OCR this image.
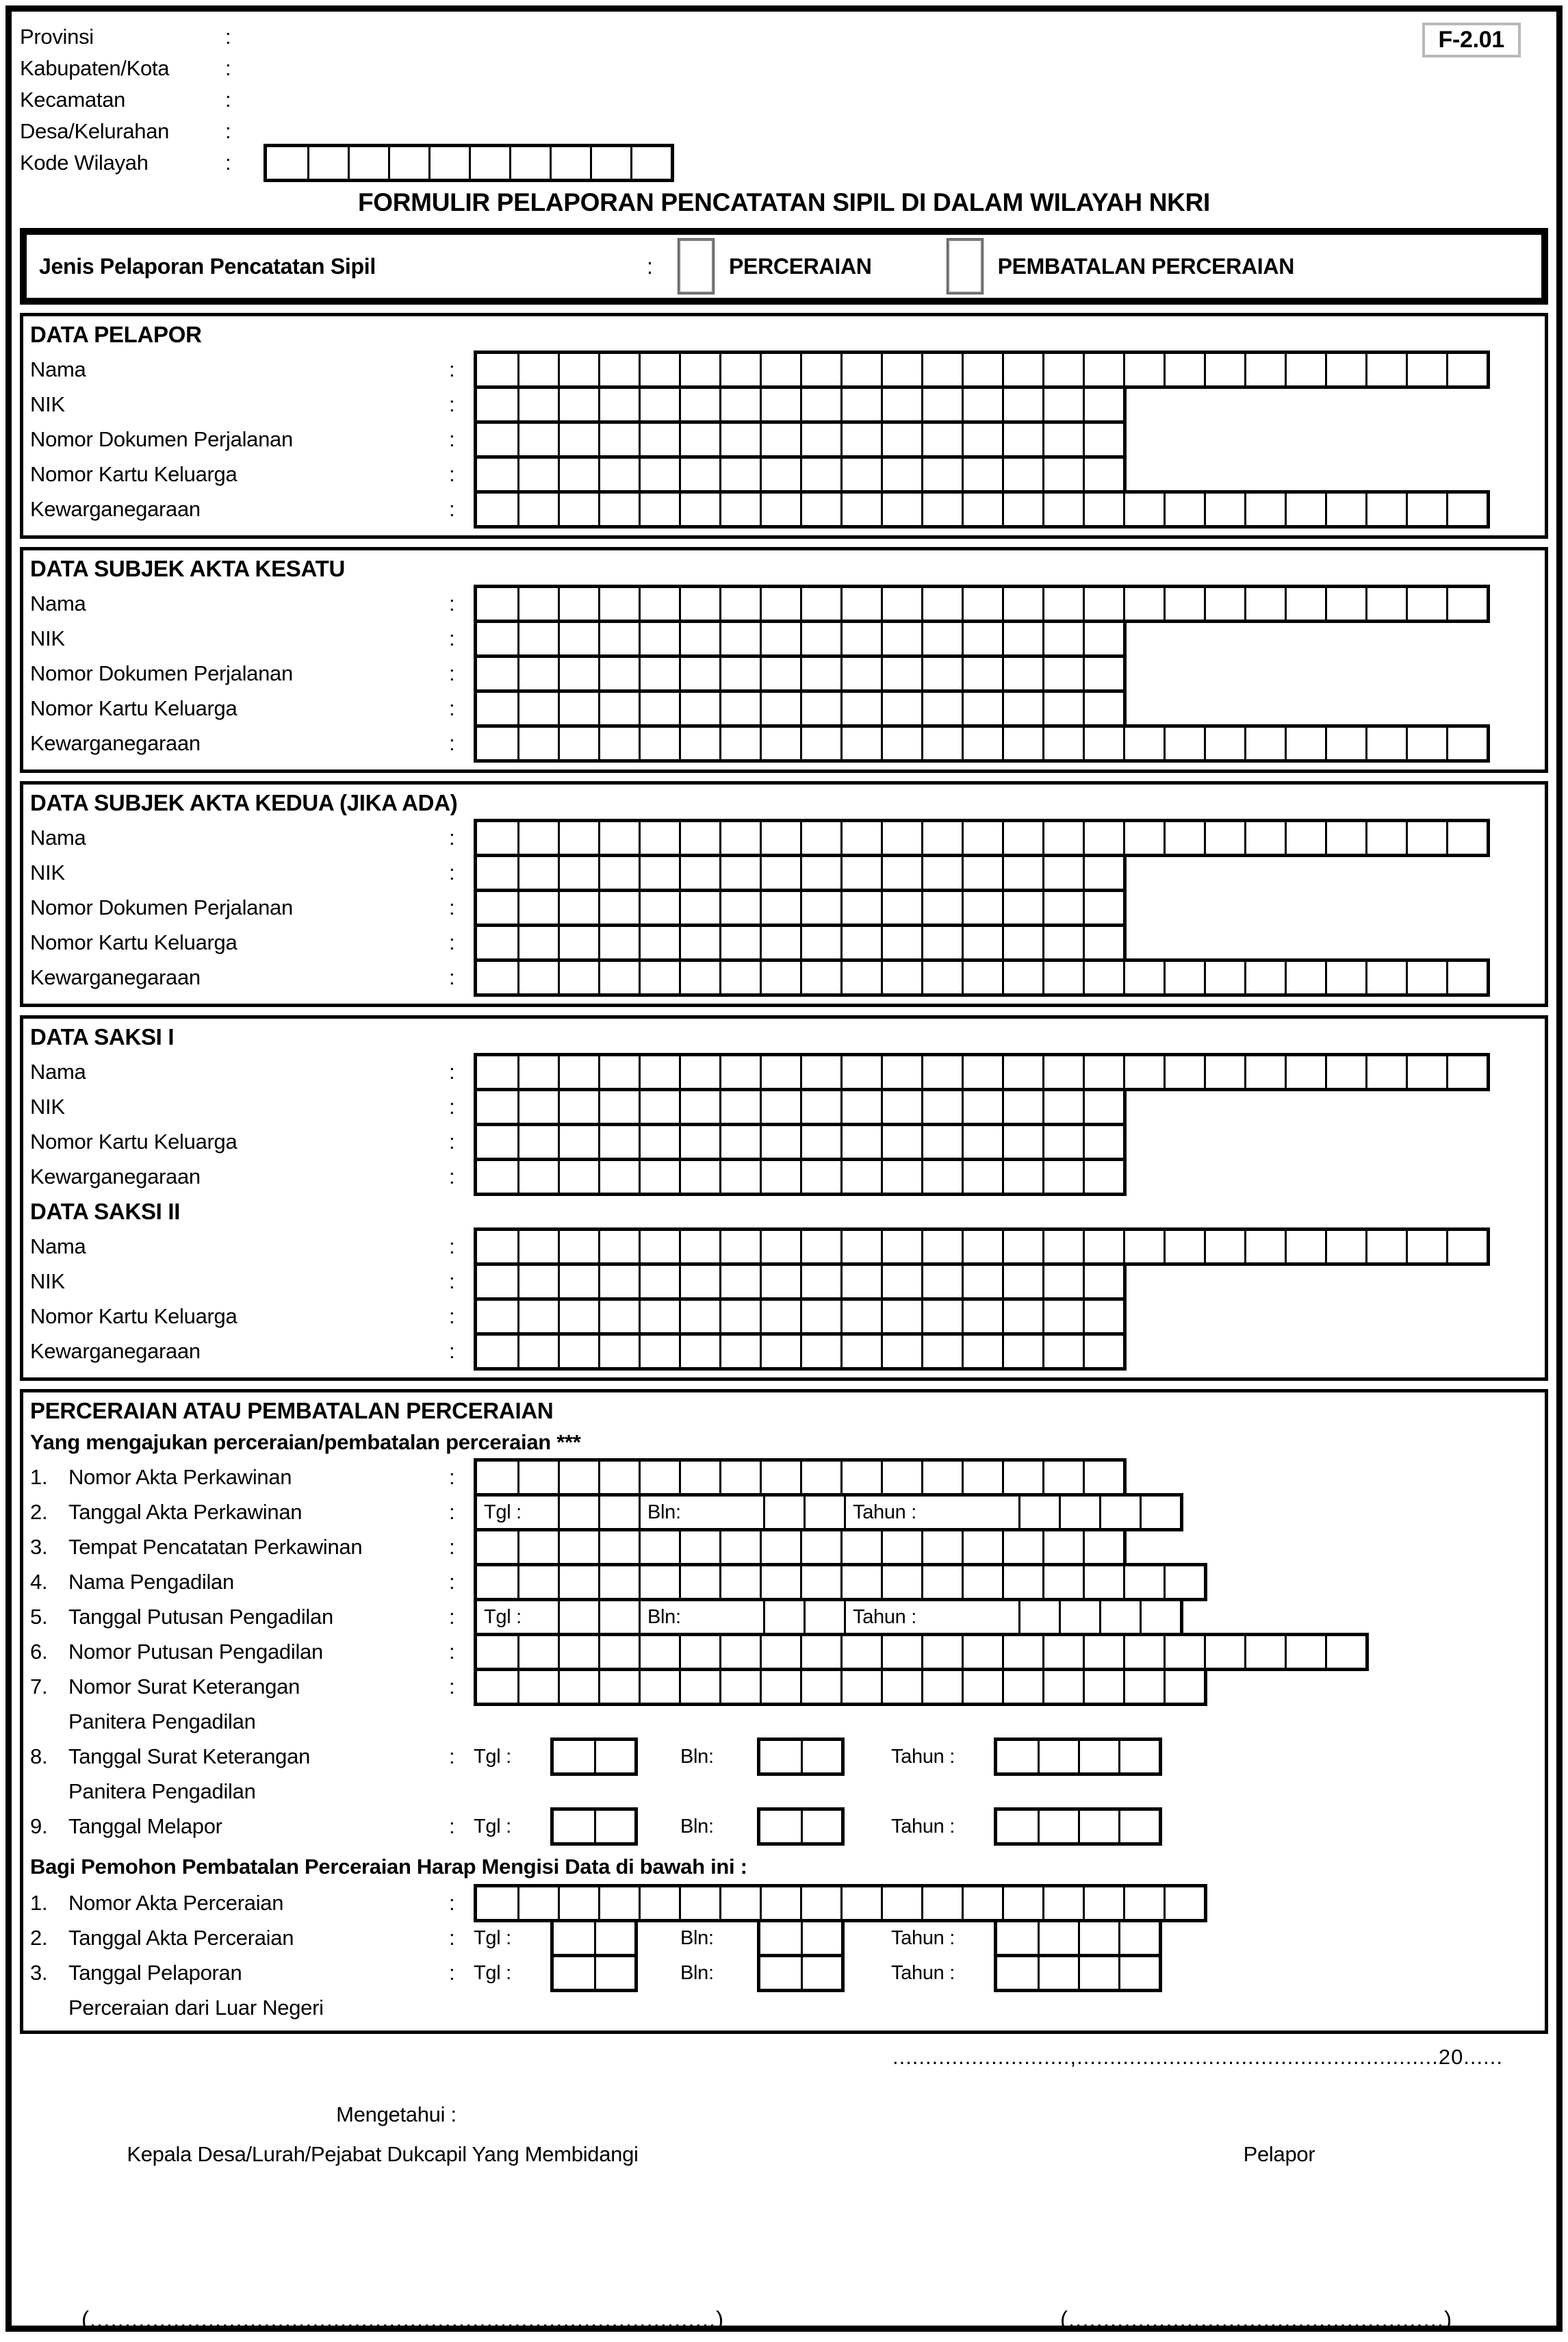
F-2.01
Provinsi	:
Kabupaten/Kota	:
Kecamatan	:
Desa/Kelurahan	:
Kode Wilayah	:
FORMULIR PELAPORAN PENCATATAN SIPIL DI DALAM WILAYAH NKRI
Jenis Pelaporan Pencatatan Sipil	:	PERCERAIAN	PEMBATALAN PERCERAIAN
DATA PELAPOR
Nama	:
NIK	:
Nomor Dokumen Perjalanan	:
Nomor Kartu Keluarga	:
Kewarganegaraan	:
DATA SUBJEK AKTA KESATU
Nama	:
NIK	:
Nomor Dokumen Perjalanan	:
Nomor Kartu Keluarga	:
Kewarganegaraan	:
DATA SUBJEK AKTA KEDUA (JIKA ADA)
Nama	:
NIK	:
Nomor Dokumen Perjalanan	:
Nomor Kartu Keluarga	:
Kewarganegaraan	:
DATA SAKSI I
Nama	:
NIK	:
Nomor Kartu Keluarga	:
Kewarganegaraan	:
DATA SAKSI II
Nama	:
NIK	:
Nomor Kartu Keluarga	:
Kewarganegaraan	:
PERCERAIAN ATAU PEMBATALAN PERCERAIAN
Yang mengajukan perceraian/pembatalan perceraian ***
1. Nomor Akta Perkawinan	:
2. Tanggal Akta Perkawinan	:	Tgl :	Bln:	Tahun :
3. Tempat Pencatatan Perkawinan	:
4. Nama Pengadilan	:
5. Tanggal Putusan Pengadilan	:	Tgl :	Bln:	Tahun :
6. Nomor Putusan Pengadilan	:
7. Nomor Surat Keterangan	:
Panitera Pengadilan
8. Tanggal Surat Keterangan	: Tgl :	Bln:	Tahun :
Panitera Pengadilan
9. Tanggal Melapor	: Tgl :	Bln:	Tahun :
Bagi Pemohon Pembatalan Perceraian Harap Mengisi Data di bawah ini :
1. Nomor Akta Perceraian	:
2. Tanggal Akta Perceraian	: Tgl :	Bln:	Tahun :
3. Tanggal Pelaporan	: Tgl :	Bln:	Tahun :
Perceraian dari Luar Negeri
...........................,.......................................................20......
Mengetahui :
Kepala Desa/Lurah/Pejabat Dukcapil Yang Membidangi	Pelapor
(..........................................................................................)	(......................................................)
